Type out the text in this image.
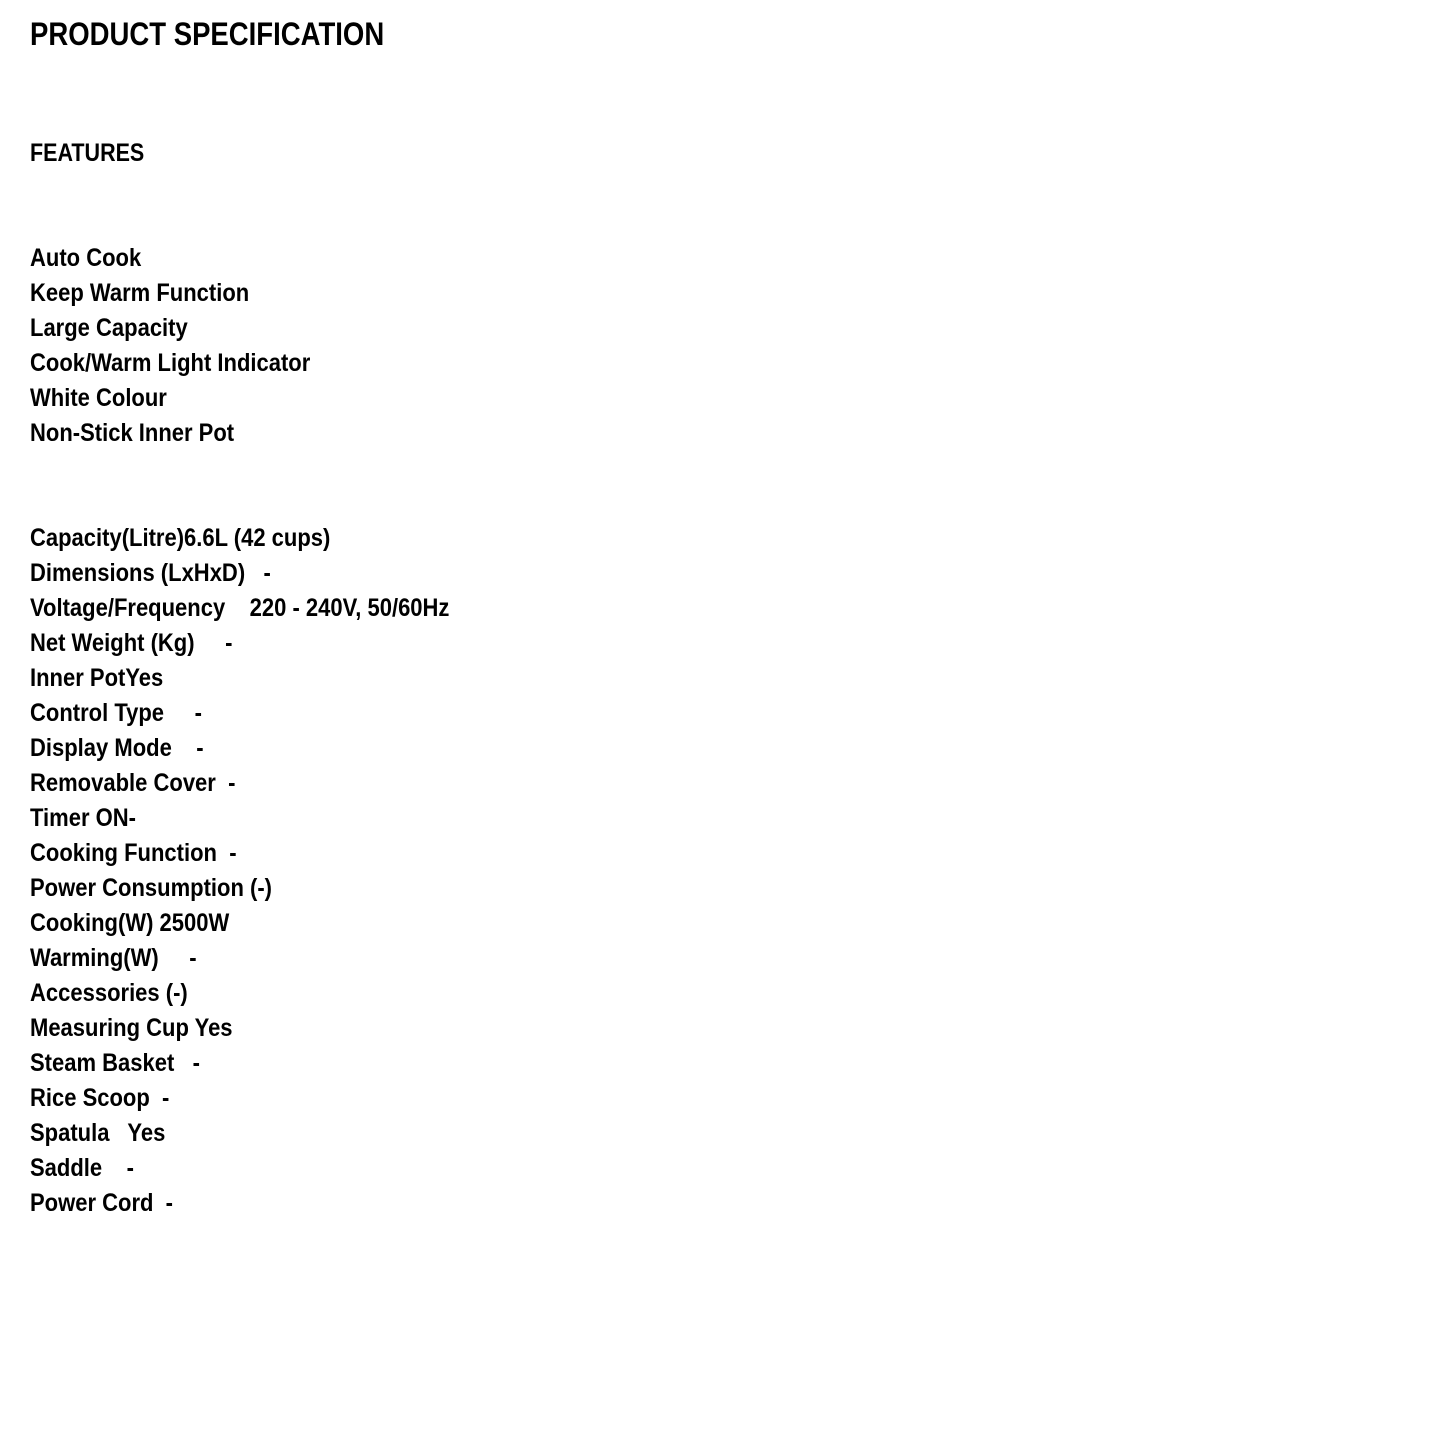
PRODUCT SPECIFICATION
FEATURES
Auto Cook
Keep Warm Function
Large Capacity
Cook/Warm Light Indicator
White Colour
Non-Stick Inner Pot
Capacity(Litre)6.6L (42 cups)
Dimensions (LxHxD)   -
Voltage/Frequency    220 - 240V, 50/60Hz
Net Weight (Kg)     -
Inner PotYes
Control Type     -
Display Mode    -
Removable Cover  -
Timer ON-
Cooking Function  -
Power Consumption (-)
Cooking(W) 2500W
Warming(W)     -
Accessories (-)
Measuring Cup Yes
Steam Basket   -
Rice Scoop  -
Spatula   Yes
Saddle    -
Power Cord  -
